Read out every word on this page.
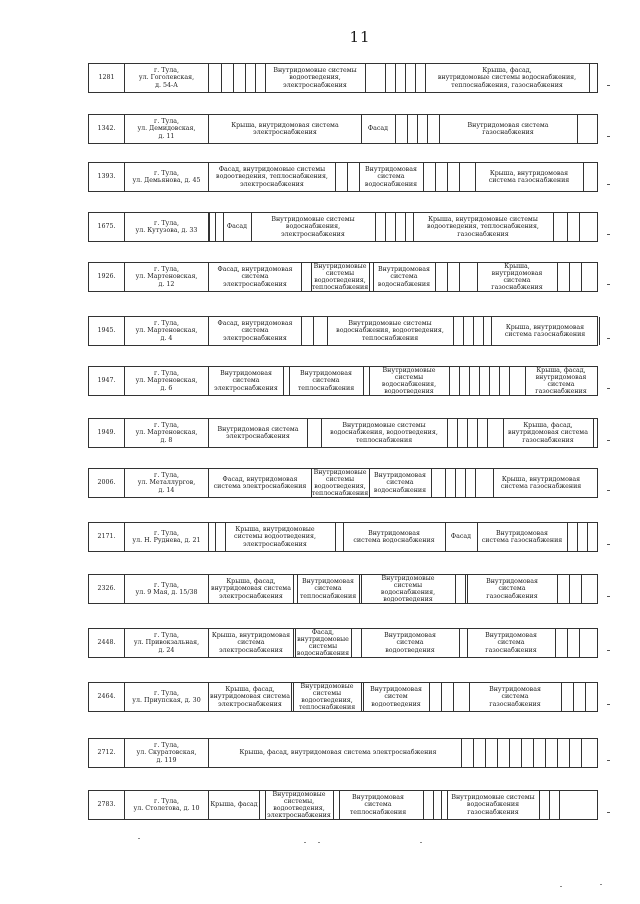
11
1281
г. Тула,
ул. Гоголевская,
д. 54-А
Внутридомовые системы
водоотведения, электроснабжения
Крыша, фасад,
внутридомовые системы водоснабжения,
теплоснабжения, газоснабжения
1342.
г. Тула,
ул. Демидовская,
д. 11
Крыша, внутридомовая система
электроснабжения
Фасад
Внутридомовая система
газоснабжения
1393.
г. Тула,
ул. Демьянова, д. 45
Фасад, внутридомовые системы
водоотведения, теплоснабжения,
электроснабжения
Внутридомовая
система
водоснабжения
Крыша, внутридомовая
система газоснабжения
1675.
г. Тула,
ул. Кутузова, д. 33
Фасад
Внутридомовые системы
водоснабжения,
электроснабжения
Крыша, внутридомовые системы
водоотведения, теплоснабжения,
газоснабжения
1926.
г. Тула,
ул. Мартеновская,
д. 12
Фасад, внутридомовая
система электроснабжения
Внутридомовые
системы
водоотведения,
теплоснабжения
Внутридомовая
система
водоснабжения
Крыша,
внутридомовая
система
газоснабжения
1945.
г. Тула,
ул. Мартеновская,
д. 4
Фасад, внутридомовая
система
электроснабжения
Внутридомовые системы
водоснабжения, водоотведения,
теплоснабжения
Крыша, внутридомовая
система газоснабжения
1947.
г. Тула,
ул. Мартеновская,
д. 6
Внутридомовая
система
электроснабжения
Внутридомовая
система
теплоснабжения
Внутридомовые
системы
водоснабжения,
водоотведения
Крыша, фасад,
внутридомовая
система
газоснабжения
1949.
г. Тула,
ул. Мартеновская,
д. 8
Внутридомовая система
электроснабжения
Внутридомовые системы
водоснабжения, водоотведения,
теплоснабжения
Крыша, фасад,
внутридомовая система
газоснабжения
2006.
г. Тула,
ул. Металлургов,
д. 14
Фасад, внутридомовая
система электроснабжения
Внутридомовые
системы
водоотведения,
теплоснабжения
Внутридомовая
система
водоснабжения
Крыша, внутридомовая
система газоснабжения
2171.
г. Тула,
ул. Н. Руднева, д. 21
Крыша, внутридомовые
системы водоотведения,
электроснабжения
Внутридомовая
система водоснабжения
Фасад
Внутридомовая
система газоснабжения
2326.
г. Тула,
ул. 9 Мая, д. 15/38
Крыша, фасад,
внутридомовая система
электроснабжения
Внутридомовая
система
теплоснабжения
Внутридомовые
системы
водоснабжения,
водоотведения
Внутридомовая
система
газоснабжения
2448.
г. Тула,
ул. Привокзальная,
д. 24
Крыша, внутридомовая
система
электроснабжения
Фасад,
внутридомовые
системы
водоснабжения
Внутридомовая
система
водоотведения
Внутридомовая
система
газоснабжения
2464.
г. Тула,
ул. Приупская, д. 30
Крыша, фасад,
внутридомовая система
электроснабжения
Внутридомовые
системы
водоотведения,
теплоснабжения
Внутридомовая
систем водоотведения
Внутридомовая
система
газоснабжения
2712.
г. Тула,
ул. Скуратовская,
д. 119
Крыша, фасад, внутридомовая система электроснабжения
2783.
г. Тула,
ул. Столетова, д. 10
Крыша, фасад
Внутридомовые
системы,
водоотведения,
электроснабжения
Внутридомовая
система
теплоснабжения
Внутридомовые системы
водоснабжения
газоснабжения
